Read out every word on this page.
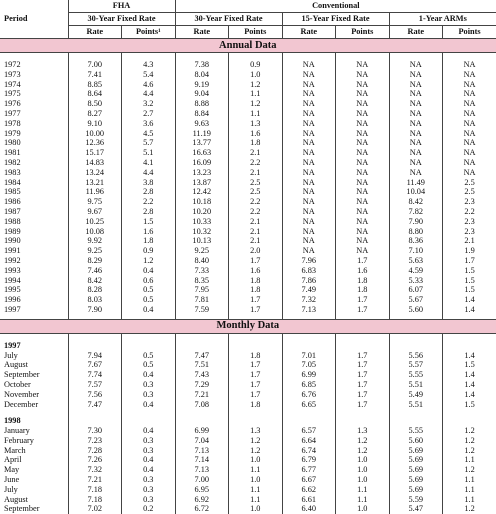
Period	FHA		Conventional					
	30-Year Fixed Rate		30-Year Fixed Rate		15-Year Fixed Rate		1-Year ARMs	
	Rate	Points¹	Rate	Points	Rate	Points	Rate	Points
Annual Data								

1972	7.00	4.3	7.38	0.9	NA	NA	NA	NA
1973	7.41	5.4	8.04	1.0	NA	NA	NA	NA
1974	8.85	4.6	9.19	1.2	NA	NA	NA	NA
1975	8.64	4.4	9.04	1.1	NA	NA	NA	NA
1976	8.50	3.2	8.88	1.2	NA	NA	NA	NA
1977	8.27	2.7	8.84	1.1	NA	NA	NA	NA
1978	9.10	3.6	9.63	1.3	NA	NA	NA	NA
1979	10.00	4.5	11.19	1.6	NA	NA	NA	NA
1980	12.36	5.7	13.77	1.8	NA	NA	NA	NA
1981	15.17	5.1	16.63	2.1	NA	NA	NA	NA
1982	14.83	4.1	16.09	2.2	NA	NA	NA	NA
1983	13.24	4.4	13.23	2.1	NA	NA	NA	NA
1984	13.21	3.8	13.87	2.5	NA	NA	11.49	2.5
1985	11.96	2.8	12.42	2.5	NA	NA	10.04	2.5
1986	9.75	2.2	10.18	2.2	NA	NA	8.42	2.3
1987	9.67	2.8	10.20	2.2	NA	NA	7.82	2.2
1988	10.25	1.5	10.33	2.1	NA	NA	7.90	2.3
1989	10.08	1.6	10.32	2.1	NA	NA	8.80	2.3
1990	9.92	1.8	10.13	2.1	NA	NA	8.36	2.1
1991	9.25	0.9	9.25	2.0	NA	NA	7.10	1.9
1992	8.29	1.2	8.40	1.7	7.96	1.7	5.63	1.7
1993	7.46	0.4	7.33	1.6	6.83	1.6	4.59	1.5
1994	8.42	0.6	8.35	1.8	7.86	1.8	5.33	1.5
1995	8.28	0.5	7.95	1.8	7.49	1.8	6.07	1.5
1996	8.03	0.5	7.81	1.7	7.32	1.7	5.67	1.4
1997	7.90	0.4	7.59	1.7	7.13	1.7	5.60	1.4

Monthly Data								

1997								
July	7.94	0.5	7.47	1.8	7.01	1.7	5.56	1.4
August	7.67	0.5	7.51	1.7	7.05	1.7	5.57	1.5
September	7.74	0.4	7.43	1.7	6.99	1.7	5.55	1.4
October	7.57	0.3	7.29	1.7	6.85	1.7	5.51	1.4
November	7.56	0.3	7.21	1.7	6.76	1.7	5.49	1.4
December	7.47	0.4	7.08	1.8	6.65	1.7	5.51	1.5

1998								
January	7.30	0.4	6.99	1.3	6.57	1.3	5.55	1.2
February	7.23	0.3	7.04	1.2	6.64	1.2	5.60	1.2
March	7.28	0.3	7.13	1.2	6.74	1.2	5.69	1.2
April	7.26	0.4	7.14	1.0	6.79	1.0	5.69	1.1
May	7.32	0.4	7.13	1.1	6.77	1.0	5.69	1.2
June	7.21	0.3	7.00	1.0	6.67	1.0	5.69	1.1
July	7.18	0.3	6.95	1.1	6.62	1.1	5.69	1.1
August	7.18	0.3	6.92	1.1	6.61	1.1	5.59	1.1
September	7.02	0.2	6.72	1.0	6.40	1.0	5.47	1.2
